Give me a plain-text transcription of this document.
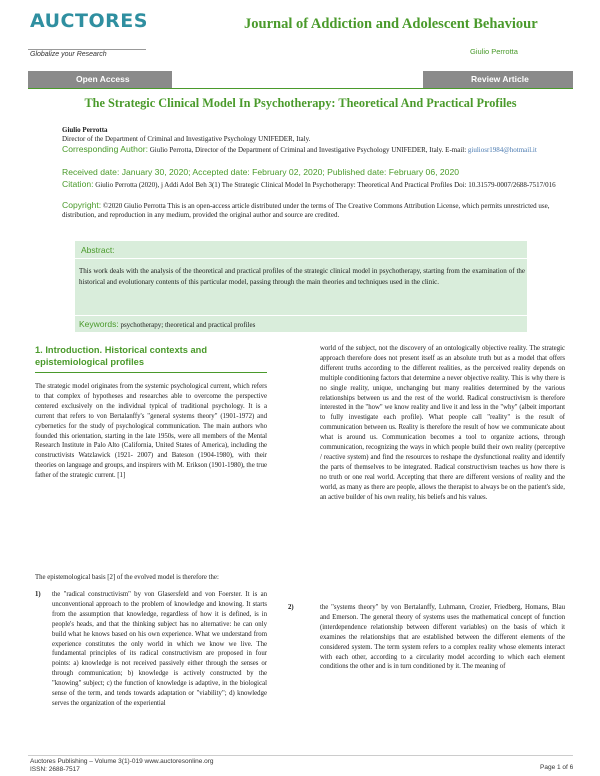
AUCTORES
Globalize your Research
Journal of Addiction and Adolescent Behaviour
Giulio Perrotta
Open Access	Review Article
The Strategic Clinical Model In Psychotherapy: Theoretical And Practical Profiles
Giulio Perrotta
Director of the Department of Criminal and Investigative Psychology UNIFEDER, Italy.
Corresponding Author: Giulio Perrotta, Director of the Department of Criminal and Investigative Psychology UNIFEDER, Italy. E-mail: giuliosr1984@hotmail.it
Received date: January 30, 2020; Accepted date: February 02, 2020; Published date: February 06, 2020
Citation: Giulio Perrotta (2020), j Addi Adol Beh 3(1) The Strategic Clinical Model In Psychotherapy: Theoretical And Practical Profiles Doi: 10.31579-0007/2688-7517/016
Copyright: ©2020 Giulio Perrotta This is an open-access article distributed under the terms of The Creative Commons Attribution License, which permits unrestricted use, distribution, and reproduction in any medium, provided the original author and source are credited.
Abstract:
This work deals with the analysis of the theoretical and practical profiles of the strategic clinical model in psychotherapy, starting from the examination of the historical and evolutionary contents of this particular model, passing through the main theories and techniques used in the clinic.
Keywords: psychotherapy; theoretical and practical profiles
1. Introduction. Historical contexts and epistemiological profiles
The strategic model originates from the systemic psychological current, which refers to that complex of hypotheses and researches able to overcome the perspective centered exclusively on the individual typical of traditional psychology. It is a current that refers to von Bertalanffy's "general systems theory" (1901-1972) and cybernetics for the study of psychological communication. The main authors who founded this orientation, starting in the late 1950s, were all members of the Mental Research Institute in Palo Alto (California, United States of America), including the constructivists Watzlawick (1921- 2007) and Bateson (1904-1980), with their theories on language and groups, and inspirers with M. Erikson (1901-1980), the true father of the strategic current. [1]
The epistemological basis [2] of the evolved model is therefore the:
1) the "radical constructivism" by von Glasersfeld and von Foerster. It is an unconventional approach to the problem of knowledge and knowing. It starts from the assumption that knowledge, regardless of how it is defined, is in people's heads, and that the thinking subject has no alternative: he can only build what he knows based on his own experience. What we understand from experience constitutes the only world in which we know we live. The fundamental principles of its radical constructivism are proposed in four points: a) knowledge is not received passively either through the senses or through communication; b) knowledge is actively constructed by the "knowing" subject; c) the function of knowledge is adaptive, in the biological sense of the term, and tends towards adaptation or "viability"; d) knowledge serves the organization of the experiential
world of the subject, not the discovery of an ontologically objective reality. The strategic approach therefore does not present itself as an absolute truth but as a model that offers different truths according to the different realities, as the perceived reality depends on multiple conditioning factors that determine a never objective reality. This is why there is no single reality, unique, unchanging but many realities determined by the various relationships between us and the rest of the world. Radical constructivism is therefore interested in the "how" we know reality and live it and less in the "why" (albeit important to fully investigate each profile). What people call "reality" is the result of communication between us. Reality is therefore the result of how we communicate about what is around us. Communication becomes a tool to organize actions, through communication, recognizing the ways in which people build their own reality (perceptive / reactive system) and find the resources to reshape the dysfunctional reality and identify the parts of themselves to be integrated. Radical constructivism teaches us how there is no truth or one real world. Accepting that there are different versions of reality and the world, as many as there are people, allows the therapist to always be on the patient's side, an active builder of his own reality, his beliefs and his values.
2)	the "systems theory" by von Bertalanffy, Luhmann, Crozier, Friedberg, Homans, Blau and Emerson. The general theory of systems uses the mathematical concept of function (interdependence relationship between different variables) on the basis of which it examines the relationships that are established between the different elements of the considered system. The term system refers to a complex reality whose elements interact with each other, according to a circularity model according to which each element conditions the other and is in turn conditioned by it. The meaning of
Auctores Publishing – Volume 3(1)-019 www.auctoresonline.org
ISSN: 2688-7517	Page 1 of 6
